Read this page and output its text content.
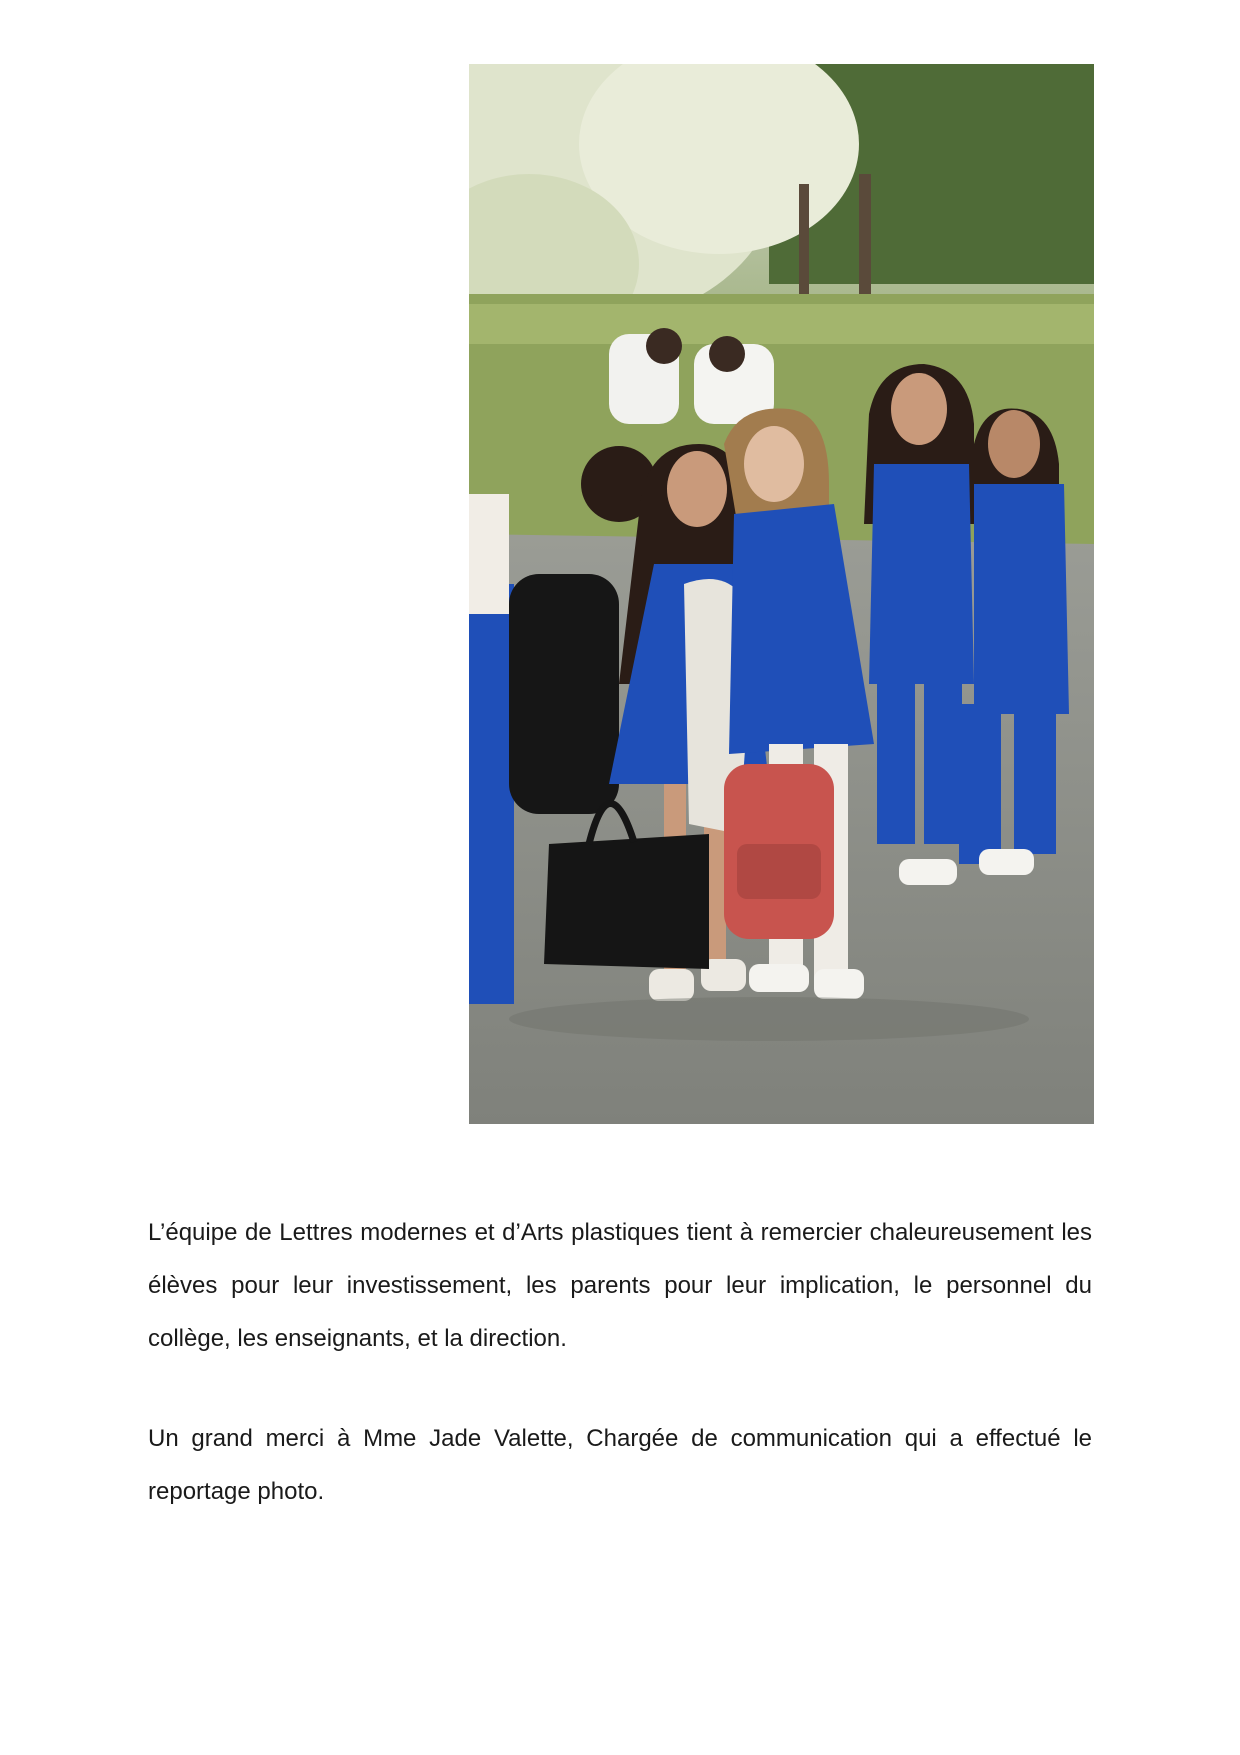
L’équipe de Lettres modernes et d’Arts plastiques tient à remercier chaleureusement les élèves pour leur investissement, les parents pour leur implication, le personnel du collège, les enseignants, et la direction.

Un grand merci à Mme Jade Valette, Chargée de communication qui a effectué le reportage photo.
